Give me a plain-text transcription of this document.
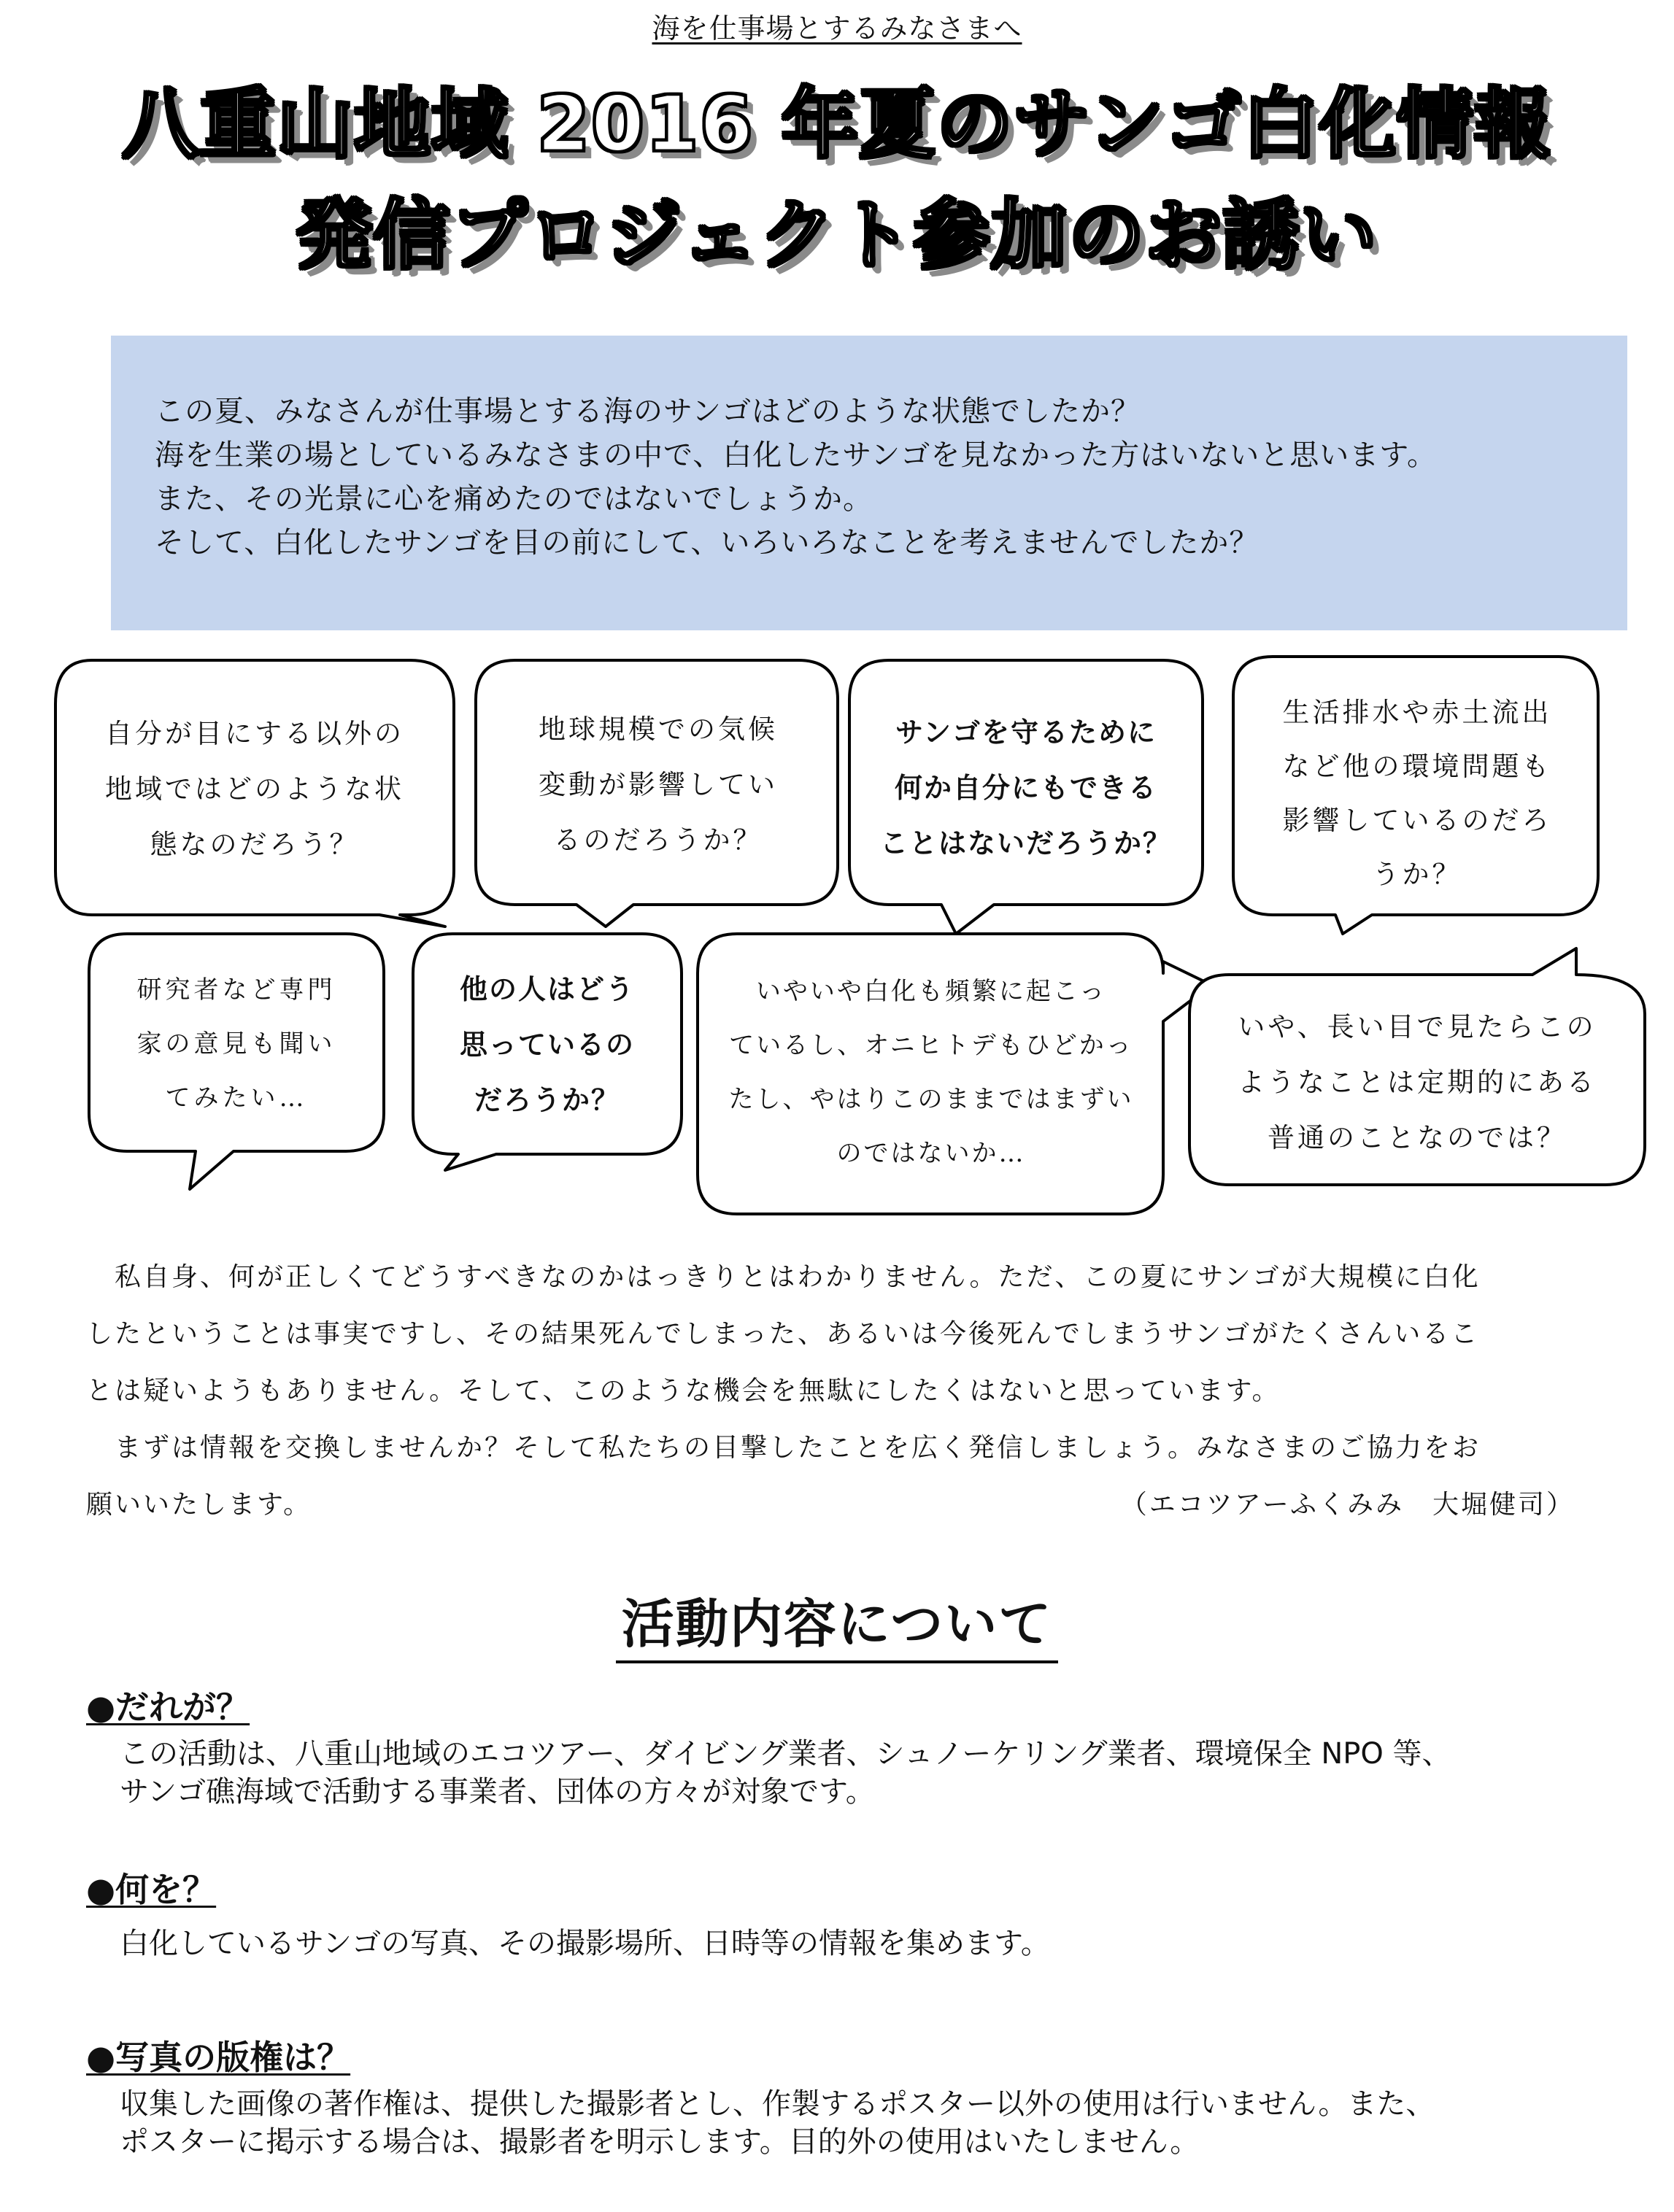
海を仕事場とするみなさまへ
八重山地域 2016 年夏のサンゴ白化情報
発信プロジェクト参加のお誘い

この夏、みなさんが仕事場とする海のサンゴはどのような状態でしたか？

海を生業の場としているみなさまの中で、白化したサンゴを見なかった方はいないと思います。

また、その光景に心を痛めたのではないでしょうか。

そして、白化したサンゴを目の前にして、いろいろなことを考えませんでしたか？

自分が目にする以外の
地域ではどのような状
態なのだろう？
地球規模での気候
変動が影響してい
るのだろうか？
サンゴを守るために
何か自分にもできる
ことはないだろうか？
生活排水や赤土流出
など他の環境問題も
影響しているのだろ
うか？
研究者など専門
家の意見も聞い
てみたい…
他の人はどう
思っているの
だろうか？
いやいや白化も頻繁に起こっ
ているし、オニヒトデもひどかっ
たし、やはりこのままではまずい
のではないか…
いや、長い目で見たらこの
ようなことは定期的にある
普通のことなのでは？
　私自身、何が正しくてどうすべきなのかはっきりとはわかりません。ただ、この夏にサンゴが大規模に白化
したということは事実ですし、その結果死んでしまった、あるいは今後死んでしまうサンゴがたくさんいるこ
とは疑いようもありません。そして、このような機会を無駄にしたくはないと思っています。
　まずは情報を交換しませんか？そして私たちの目撃したことを広く発信しましょう。みなさまのご協力をお
願いいたします。	（エコツアーふくみみ　大堀健司）
活動内容について
●だれが？
この活動は、八重山地域のエコツアー、ダイビング業者、シュノーケリング業者、環境保全 NPO 等、
サンゴ礁海域で活動する事業者、団体の方々が対象です。
●何を？
白化しているサンゴの写真、その撮影場所、日時等の情報を集めます。
●写真の版権は？
収集した画像の著作権は、提供した撮影者とし、作製するポスター以外の使用は行いません。また、
ポスターに掲示する場合は、撮影者を明示します。目的外の使用はいたしません。
